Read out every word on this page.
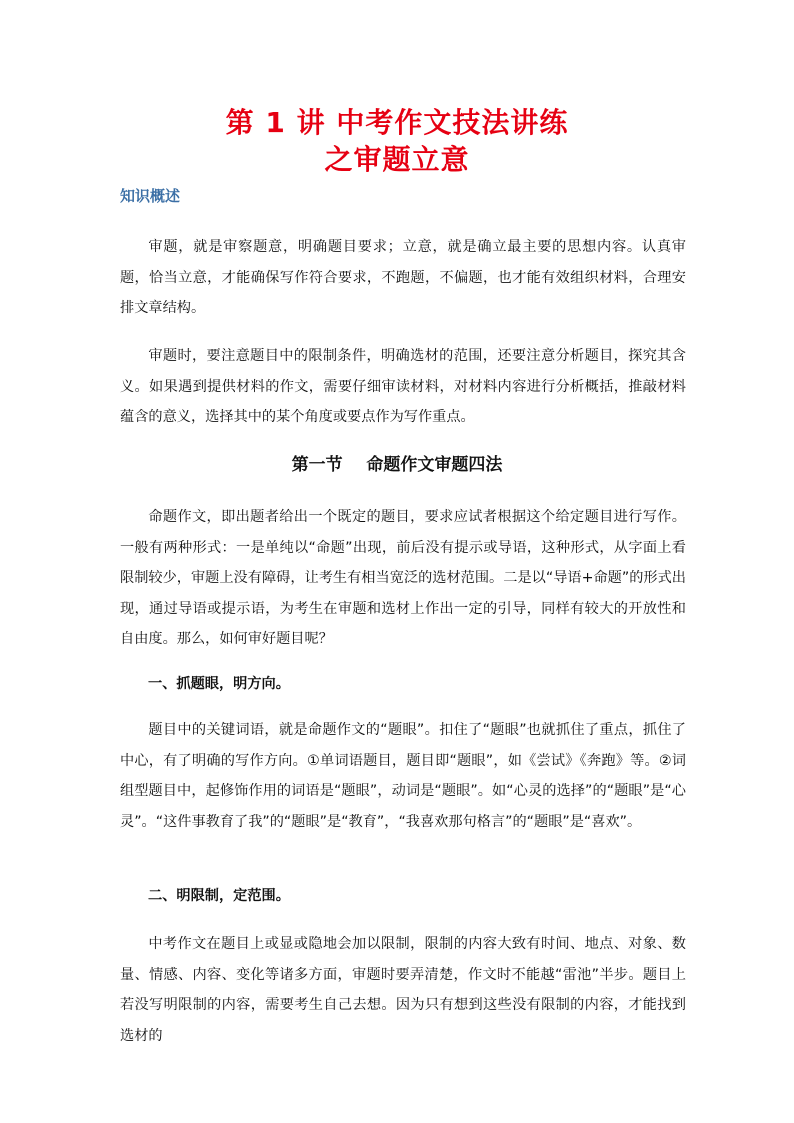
第 1 讲 中考作文技法讲练
之审题立意
知识概述

审题，就是审察题意，明确题目要求；立意，就是确立最主要的思想内容。认真审题，恰当立意，才能确保写作符合要求，不跑题，不偏题，也才能有效组织材料，合理安排文章结构。

审题时，要注意题目中的限制条件，明确选材的范围，还要注意分析题目，探究其含义。如果遇到提供材料的作文，需要仔细审读材料，对材料内容进行分析概括，推敲材料蕴含的意义，选择其中的某个角度或要点作为写作重点。

第一节    命题作文审题四法

命题作文，即出题者给出一个既定的题目，要求应试者根据这个给定题目进行写作。一般有两种形式：一是单纯以“命题”出现，前后没有提示或导语，这种形式，从字面上看限制较少，审题上没有障碍，让考生有相当宽泛的选材范围。二是以“导语+命题”的形式出现，通过导语或提示语，为考生在审题和选材上作出一定的引导，同样有较大的开放性和自由度。那么，如何审好题目呢？

一、抓题眼，明方向。

题目中的关键词语，就是命题作文的“题眼”。扣住了“题眼”也就抓住了重点，抓住了中心，有了明确的写作方向。①单词语题目，题目即“题眼”，如《尝试》《奔跑》等。②词组型题目中，起修饰作用的词语是“题眼”，动词是“题眼”。如“心灵的选择”的“题眼”是“心灵”。“这件事教育了我”的“题眼”是“教育”，“我喜欢那句格言”的“题眼”是“喜欢”。

二、明限制，定范围。

中考作文在题目上或显或隐地会加以限制，限制的内容大致有时间、地点、对象、数量、情感、内容、变化等诸多方面，审题时要弄清楚，作文时不能越“雷池”半步。题目上若没写明限制的内容，需要考生自己去想。因为只有想到这些没有限制的内容，才能找到选材的
